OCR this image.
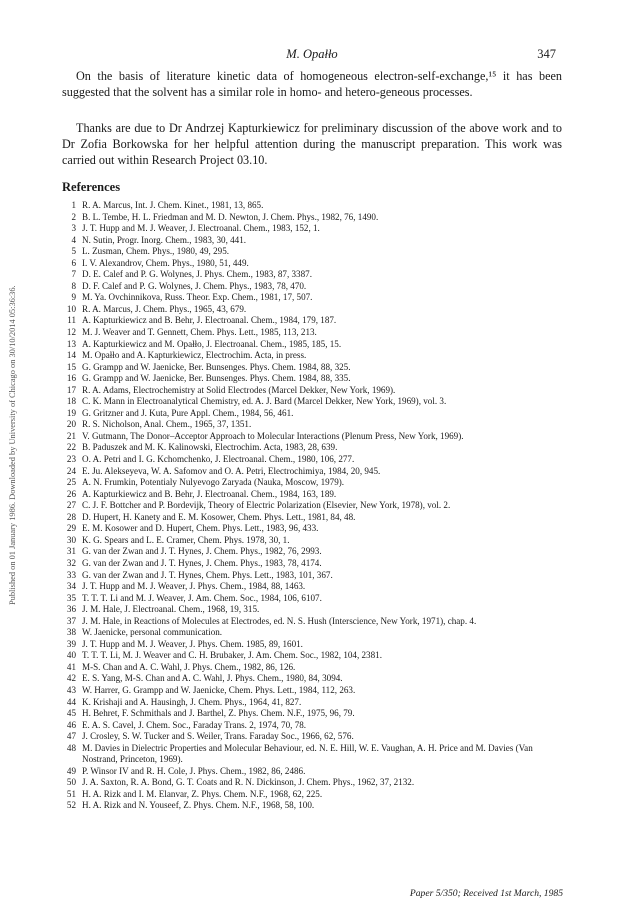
M. Opałło	347
Published on 01 January 1986. Downloaded by University of Chicago on 30/10/2014 05:36:36.

On the basis of literature kinetic data of homogeneous electron-self-exchange,¹⁵ it has been suggested that the solvent has a similar role in homo- and hetero-geneous processes.

Thanks are due to Dr Andrzej Kapturkiewicz for preliminary discussion of the above work and to Dr Zofia Borkowska for her helpful attention during the manuscript preparation. This work was carried out within Research Project 03.10.

References
1 R. A. Marcus, Int. J. Chem. Kinet., 1981, 13, 865.
2 B. L. Tembe, H. L. Friedman and M. D. Newton, J. Chem. Phys., 1982, 76, 1490.
3 J. T. Hupp and M. J. Weaver, J. Electroanal. Chem., 1983, 152, 1.
4 N. Sutin, Progr. Inorg. Chem., 1983, 30, 441.
5 L. Zusman, Chem. Phys., 1980, 49, 295.
6 I. V. Alexandrov, Chem. Phys., 1980, 51, 449.
7 D. E. Calef and P. G. Wolynes, J. Phys. Chem., 1983, 87, 3387.
8 D. F. Calef and P. G. Wolynes, J. Chem. Phys., 1983, 78, 470.
9 M. Ya. Ovchinnikova, Russ. Theor. Exp. Chem., 1981, 17, 507.
10 R. A. Marcus, J. Chem. Phys., 1965, 43, 679.
11 A. Kapturkiewicz and B. Behr, J. Electroanal. Chem., 1984, 179, 187.
12 M. J. Weaver and T. Gennett, Chem. Phys. Lett., 1985, 113, 213.
13 A. Kapturkiewicz and M. Opałło, J. Electroanal. Chem., 1985, 185, 15.
14 M. Opałło and A. Kapturkiewicz, Electrochim. Acta, in press.
15 G. Grampp and W. Jaenicke, Ber. Bunsenges. Phys. Chem. 1984, 88, 325.
16 G. Grampp and W. Jaenicke, Ber. Bunsenges. Phys. Chem. 1984, 88, 335.
17 R. A. Adams, Electrochemistry at Solid Electrodes (Marcel Dekker, New York, 1969).
18 C. K. Mann in Electroanalytical Chemistry, ed. A. J. Bard (Marcel Dekker, New York, 1969), vol. 3.
19 G. Gritzner and J. Kuta, Pure Appl. Chem., 1984, 56, 461.
20 R. S. Nicholson, Anal. Chem., 1965, 37, 1351.
21 V. Gutmann, The Donor–Acceptor Approach to Molecular Interactions (Plenum Press, New York, 1969).
22 B. Paduszek and M. K. Kalinowski, Electrochim. Acta, 1983, 28, 639.
23 O. A. Petri and I. G. Kchomchenko, J. Electroanal. Chem., 1980, 106, 277.
24 E. Ju. Alekseyeva, W. A. Safomov and O. A. Petri, Electrochimiya, 1984, 20, 945.
25 A. N. Frumkin, Potentialy Nulyevogo Zaryada (Nauka, Moscow, 1979).
26 A. Kapturkiewicz and B. Behr, J. Electroanal. Chem., 1984, 163, 189.
27 C. J. F. Bottcher and P. Bordevijk, Theory of Electric Polarization (Elsevier, New York, 1978), vol. 2.
28 D. Hupert, H. Kanety and E. M. Kosower, Chem. Phys. Lett., 1981, 84, 48.
29 E. M. Kosower and D. Hupert, Chem. Phys. Lett., 1983, 96, 433.
30 K. G. Spears and L. E. Cramer, Chem. Phys. 1978, 30, 1.
31 G. van der Zwan and J. T. Hynes, J. Chem. Phys., 1982, 76, 2993.
32 G. van der Zwan and J. T. Hynes, J. Chem. Phys., 1983, 78, 4174.
33 G. van der Zwan and J. T. Hynes, Chem. Phys. Lett., 1983, 101, 367.
34 J. T. Hupp and M. J. Weaver, J. Phys. Chem., 1984, 88, 1463.
35 T. T. T. Li and M. J. Weaver, J. Am. Chem. Soc., 1984, 106, 6107.
36 J. M. Hale, J. Electroanal. Chem., 1968, 19, 315.
37 J. M. Hale, in Reactions of Molecules at Electrodes, ed. N. S. Hush (Interscience, New York, 1971), chap. 4.
38 W. Jaenicke, personal communication.
39 J. T. Hupp and M. J. Weaver, J. Phys. Chem. 1985, 89, 1601.
40 T. T. T. Li, M. J. Weaver and C. H. Brubaker, J. Am. Chem. Soc., 1982, 104, 2381.
41 M-S. Chan and A. C. Wahl, J. Phys. Chem., 1982, 86, 126.
42 E. S. Yang, M-S. Chan and A. C. Wahl, J. Phys. Chem., 1980, 84, 3094.
43 W. Harrer, G. Grampp and W. Jaenicke, Chem. Phys. Lett., 1984, 112, 263.
44 K. Krishaji and A. Hausingh, J. Chem. Phys., 1964, 41, 827.
45 H. Behret, F. Schmithals and J. Barthel, Z. Phys. Chem. N.F., 1975, 96, 79.
46 E. A. S. Cavel, J. Chem. Soc., Faraday Trans. 2, 1974, 70, 78.
47 J. Crosley, S. W. Tucker and S. Weiler, Trans. Faraday Soc., 1966, 62, 576.
48 M. Davies in Dielectric Properties and Molecular Behaviour, ed. N. E. Hill, W. E. Vaughan, A. H. Price and M. Davies (Van Nostrand, Princeton, 1969).
49 P. Winsor IV and R. H. Cole, J. Phys. Chem., 1982, 86, 2486.
50 J. A. Saxton, R. A. Bond, G. T. Coats and R. N. Dickinson, J. Chem. Phys., 1962, 37, 2132.
51 H. A. Rizk and I. M. Elanvar, Z. Phys. Chem. N.F., 1968, 62, 225.
52 H. A. Rizk and N. Youseef, Z. Phys. Chem. N.F., 1968, 58, 100.
Paper 5/350; Received 1st March, 1985
